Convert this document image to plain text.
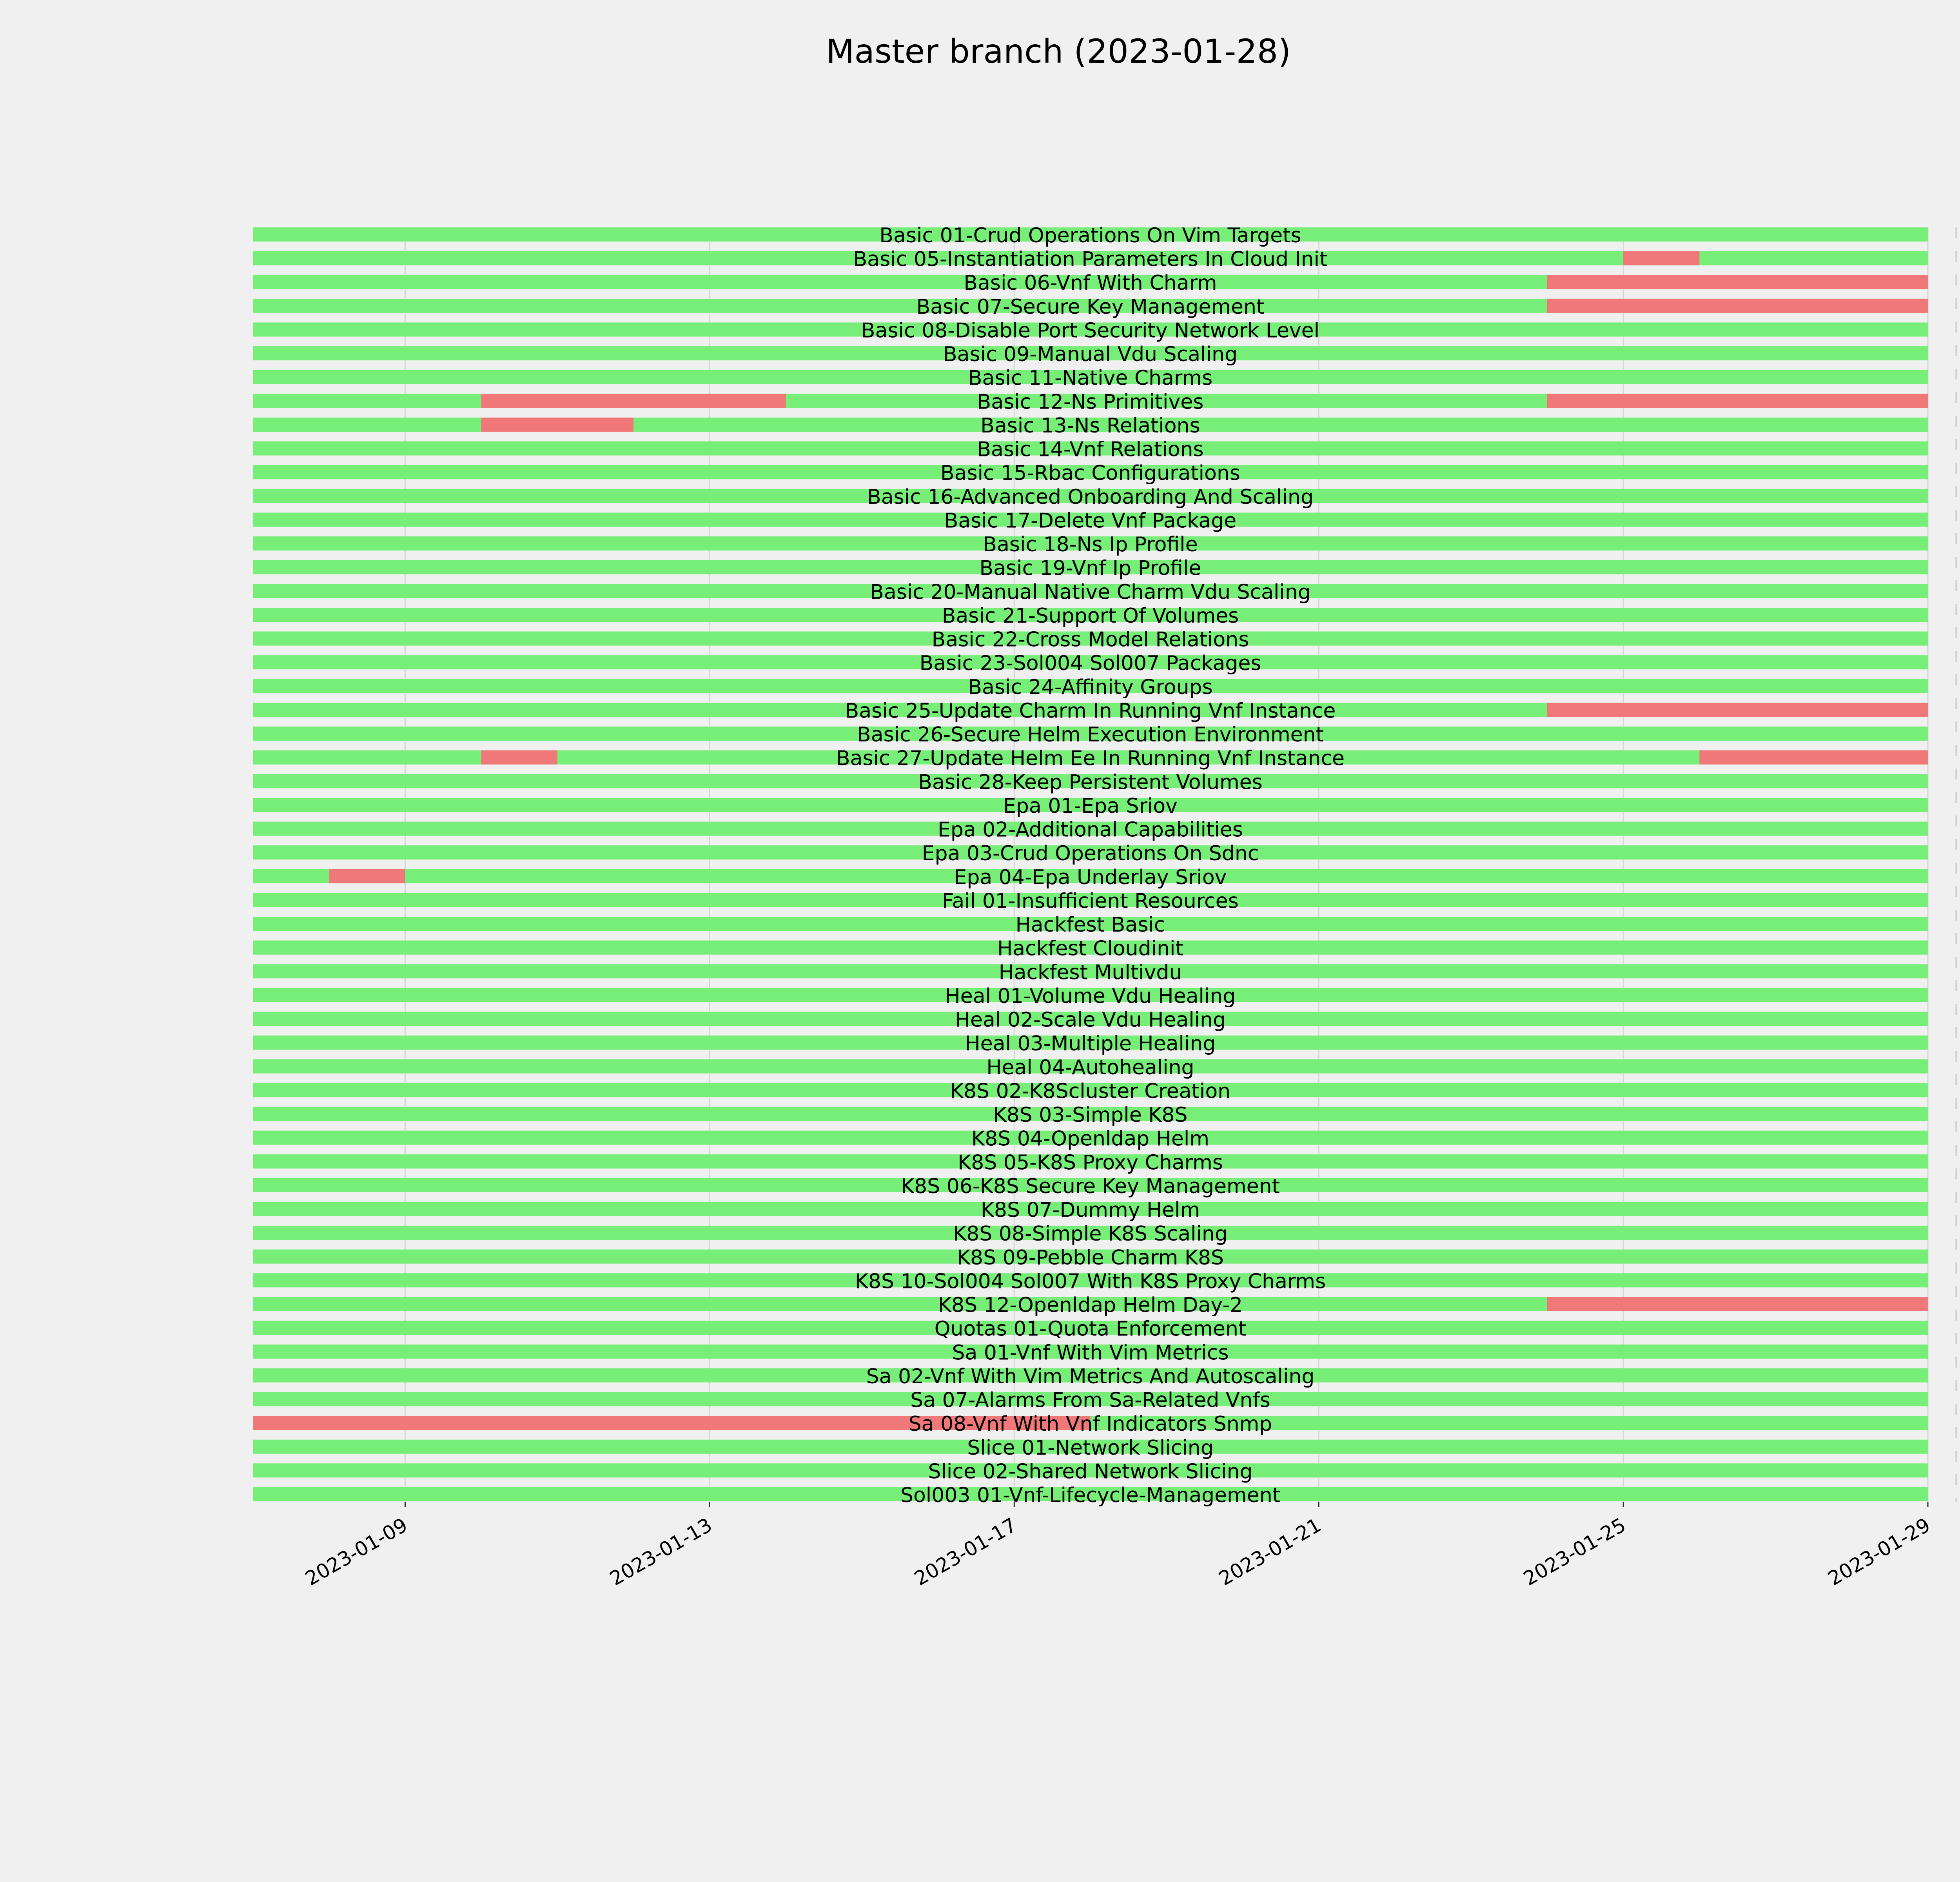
Basic 01-Crud Operations On Vim Targets
Basic 05-Instantiation Parameters In Cloud Init
Basic 06-Vnf With Charm
Basic 07-Secure Key Management
Basic 08-Disable Port Security Network Level
Basic 09-Manual Vdu Scaling
Basic 11-Native Charms
Basic 12-Ns Primitives
Basic 13-Ns Relations
Basic 14-Vnf Relations
Basic 15-Rbac Configurations
Basic 16-Advanced Onboarding And Scaling
Basic 17-Delete Vnf Package
Basic 18-Ns Ip Profile
Basic 19-Vnf Ip Profile
Basic 20-Manual Native Charm Vdu Scaling
Basic 21-Support Of Volumes
Basic 22-Cross Model Relations
Basic 23-Sol004 Sol007 Packages
Basic 24-Affinity Groups
Basic 25-Update Charm In Running Vnf Instance
Basic 26-Secure Helm Execution Environment
Basic 27-Update Helm Ee In Running Vnf Instance
Basic 28-Keep Persistent Volumes
Epa 01-Epa Sriov
Epa 02-Additional Capabilities
Epa 03-Crud Operations On Sdnc
Epa 04-Epa Underlay Sriov
Fail 01-Insufficient Resources
Hackfest Basic
Hackfest Cloudinit
Hackfest Multivdu
Heal 01-Volume Vdu Healing
Heal 02-Scale Vdu Healing
Heal 03-Multiple Healing
Heal 04-Autohealing
K8S 02-K8Scluster Creation
K8S 03-Simple K8S
K8S 04-Openldap Helm
K8S 05-K8S Proxy Charms
K8S 06-K8S Secure Key Management
K8S 07-Dummy Helm
K8S 08-Simple K8S Scaling
K8S 09-Pebble Charm K8S
K8S 10-Sol004 Sol007 With K8S Proxy Charms
K8S 12-Openldap Helm Day-2
Quotas 01-Quota Enforcement
Sa 01-Vnf With Vim Metrics
Sa 02-Vnf With Vim Metrics And Autoscaling
Sa 07-Alarms From Sa-Related Vnfs
Sa 08-Vnf With Vnf Indicators Snmp
Slice 01-Network Slicing
Slice 02-Shared Network Slicing
Sol003 01-Vnf-Lifecycle-Management
2023-01-09	2023-01-13	2023-01-17	2023-01-21	2023-01-25	2023-01-29
Master branch (2023-01-28)
